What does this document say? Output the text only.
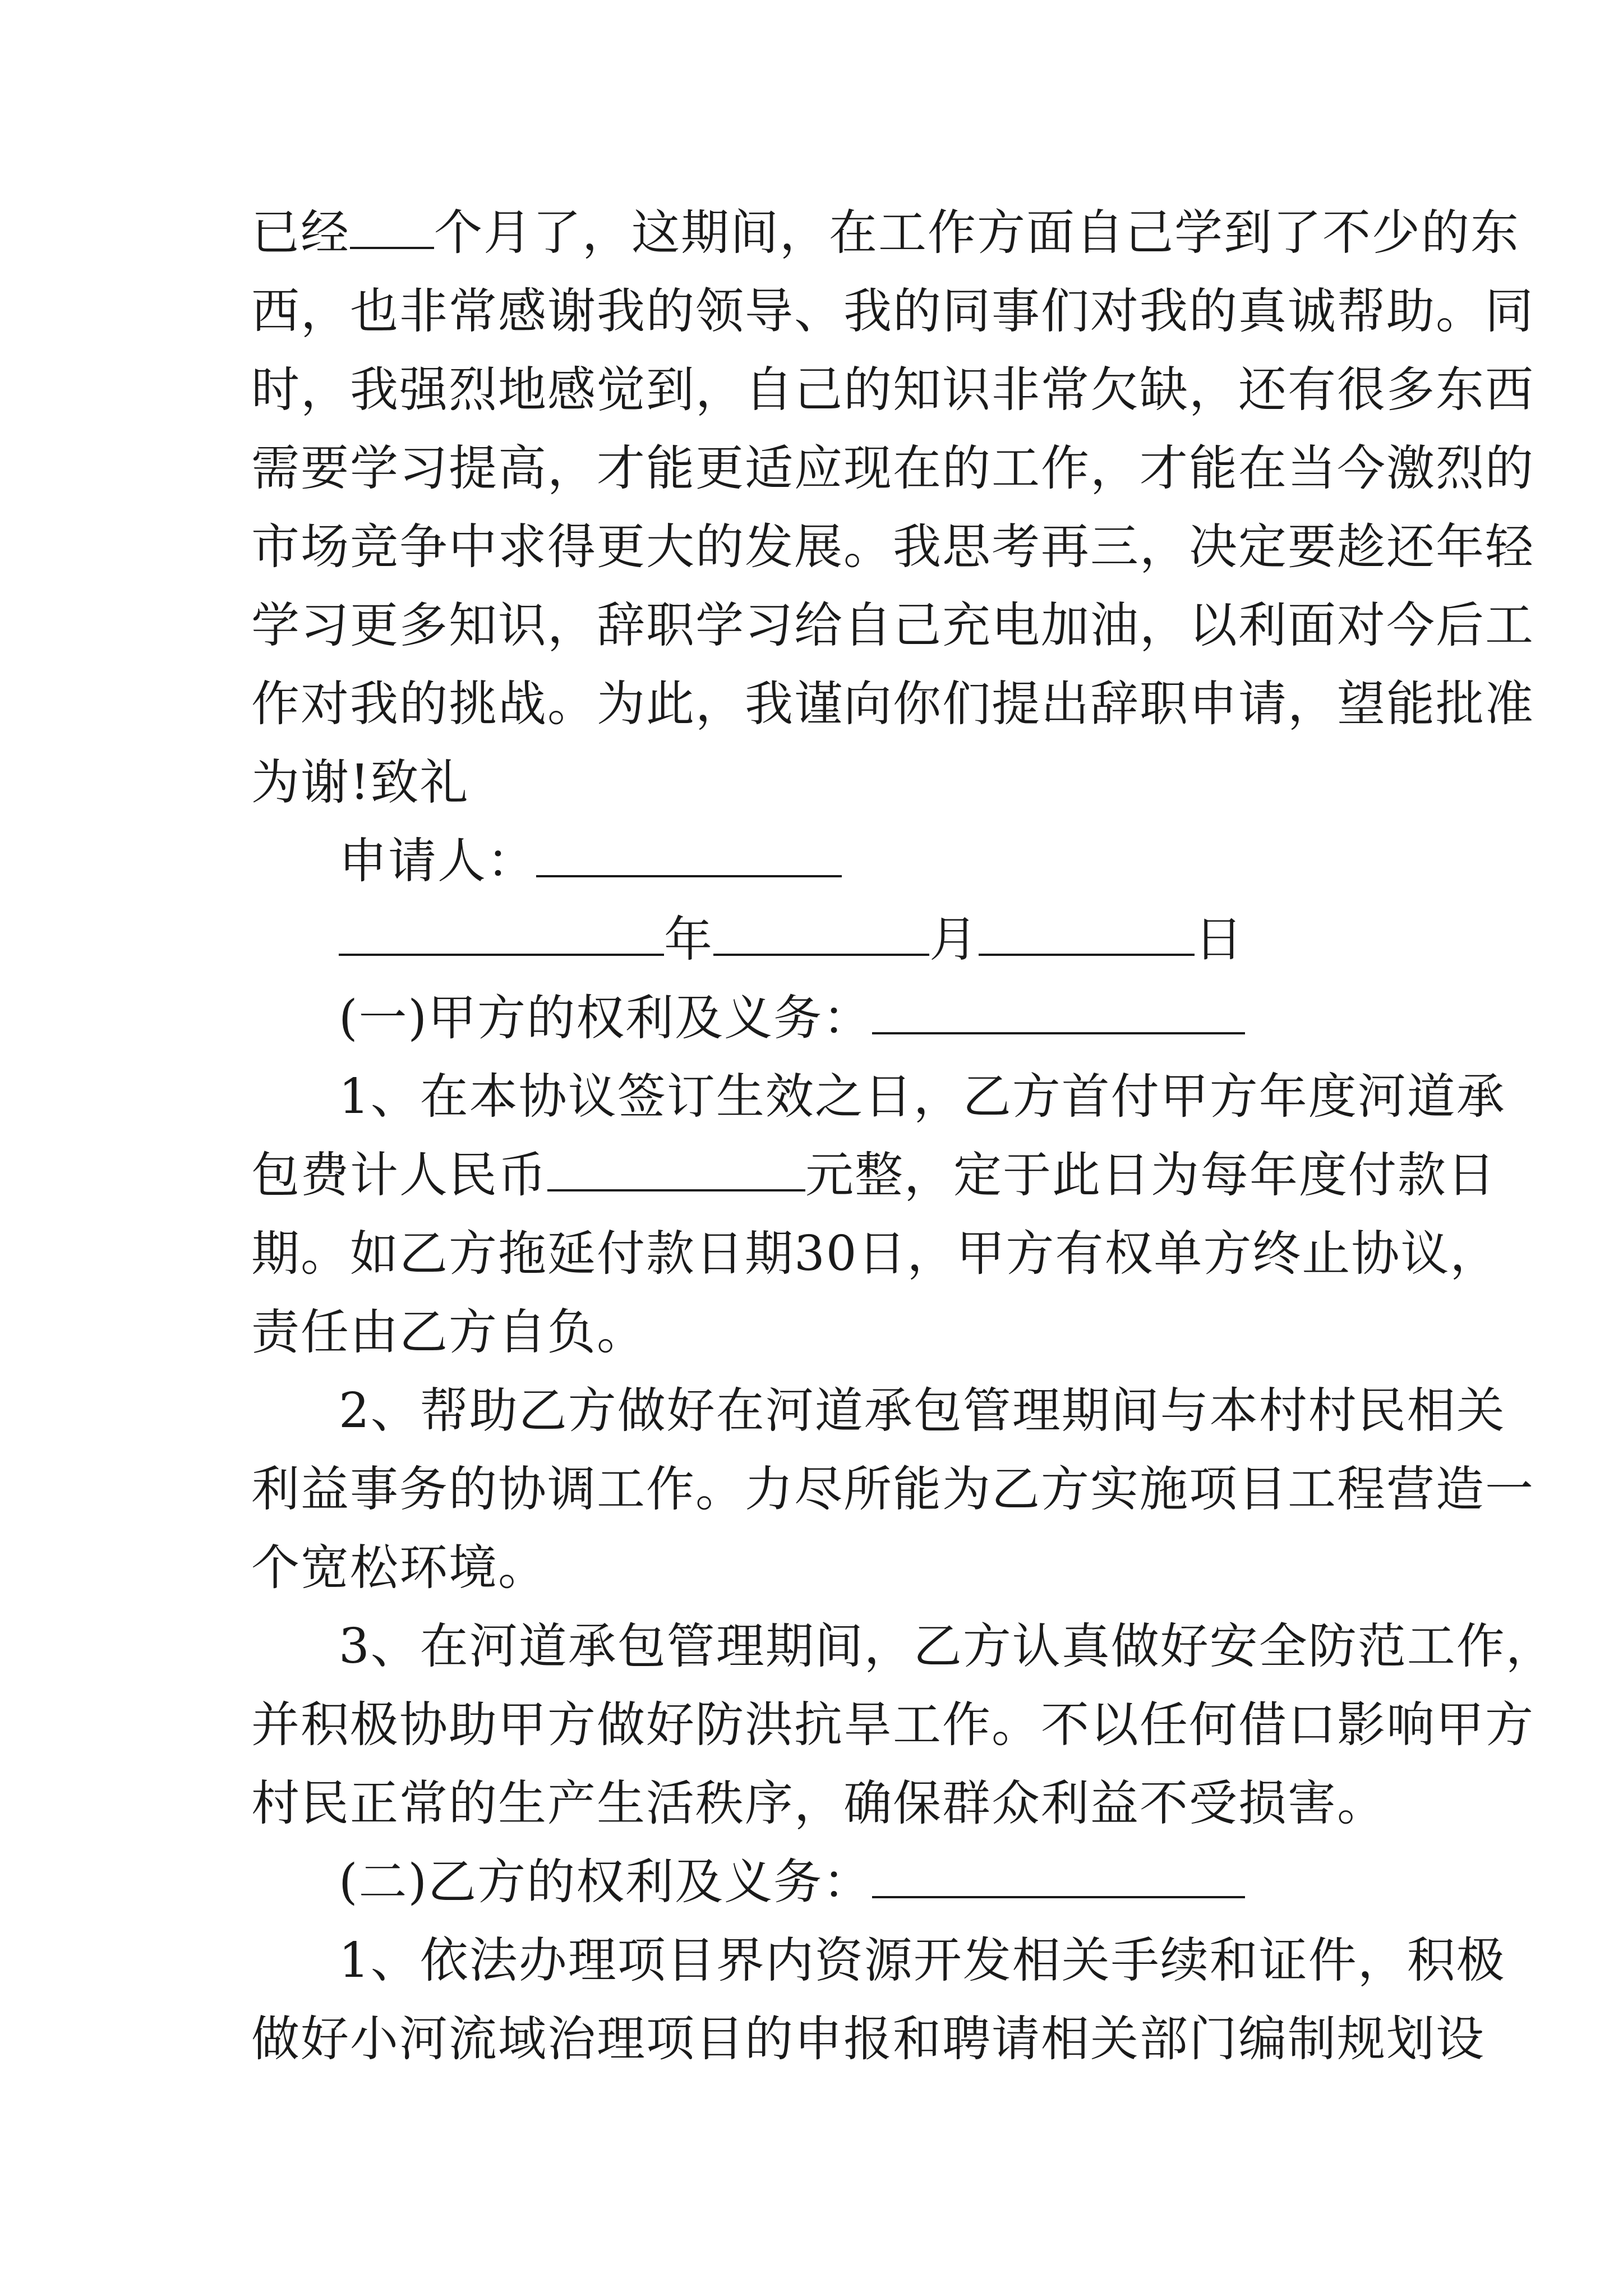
已经 个月了，这期间，在工作方面自己学到了不少的东
西，也非常感谢我的领导、我的同事们对我的真诚帮助。同
时，我强烈地感觉到，自己的知识非常欠缺，还有很多东西
需要学习提高，才能更适应现在的工作，才能在当今激烈的
市场竞争中求得更大的发展。我思考再三，决定要趁还年轻
学习更多知识，辞职学习给自己充电加油，以利面对今后工
作对我的挑战。为此，我谨向你们提出辞职申请，望能批准
为谢!致礼
申请人：
年	月	日
(一)甲方的权利及义务：
1、在本协议签订生效之日，乙方首付甲方年度河道承
包费计人民币	元整，定于此日为每年度付款日
期。如乙方拖延付款日期30日，甲方有权单方终止协议，
责任由乙方自负。
2、帮助乙方做好在河道承包管理期间与本村村民相关
利益事务的协调工作。力尽所能为乙方实施项目工程营造一
个宽松环境。
3、在河道承包管理期间，乙方认真做好安全防范工作，
并积极协助甲方做好防洪抗旱工作。不以任何借口影响甲方
村民正常的生产生活秩序，确保群众利益不受损害。
(二)乙方的权利及义务：
1、依法办理项目界内资源开发相关手续和证件，积极
做好小河流域治理项目的申报和聘请相关部门编制规划设
